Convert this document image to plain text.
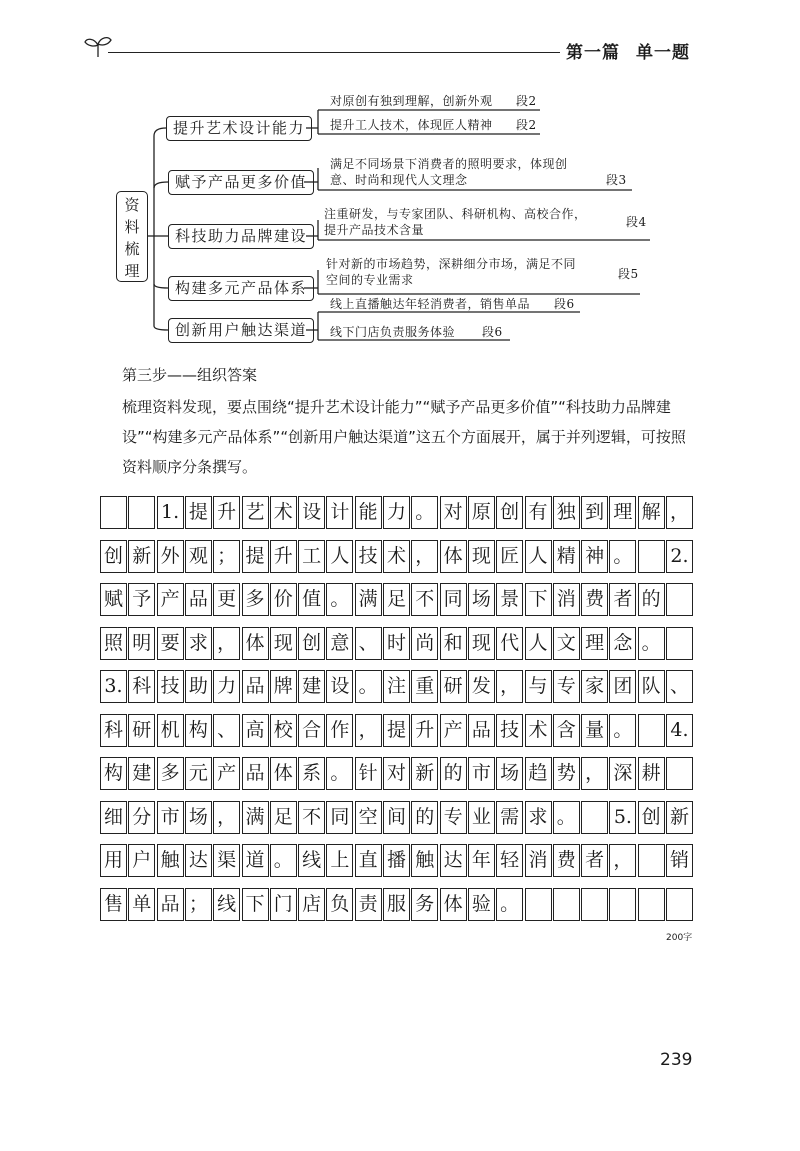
第一篇 单一题
资
料
梳
理
提升艺术设计能力
对原创有独到理解，创新外观 段2
提升工人技术，体现匠人精神 段2
赋予产品更多价值
满足不同场景下消费者的照明要求，体现创
意、时尚和现代人文理念	段3
科技助力品牌建设
注重研发，与专家团队、科研机构、高校合作，
提升产品技术含量
段4
构建多元产品体系
针对新的市场趋势，深耕细分市场，满足不同
空间的专业需求	段5
创新用户触达渠道
线上直播触达年轻消费者，销售单品 段6
线下门店负责服务体验 段6
第三步——组织答案

梳理资料发现，要点围绕“提升艺术设计能力”“赋予产品更多价值”“科技助力品牌建设”“构建多元产品体系”“创新用户触达渠道”这五个方面展开，属于并列逻辑，可按照资料顺序分条撰写。

1. 提 升 艺 术 设 计 能 力 。 对 原 创 有 独 到 理 解 ，
创 新 外 观 ； 提 升 工 人 技 术 ， 体 现 匠 人 精 神 。 2.
赋 予 产 品 更 多 价 值 。 满 足 不 同 场 景 下 消 费 者 的
照 明 要 求 ， 体 现 创 意 、 时 尚 和 现 代 人 文 理 念 。
3. 科 技 助 力 品 牌 建 设 。 注 重 研 发 ， 与 专 家 团 队 、
科 研 机 构 、 高 校 合 作 ， 提 升 产 品 技 术 含 量 。 4.
构 建 多 元 产 品 体 系 。 针 对 新 的 市 场 趋 势 ， 深 耕
细 分 市 场 ， 满 足 不 同 空 间 的 专 业 需 求 。 5. 创 新
用 户 触 达 渠 道 。 线 上 直 播 触 达 年 轻 消 费 者 ， 销
售 单 品 ； 线 下 门 店 负 责 服 务 体 验 。
200字
239
